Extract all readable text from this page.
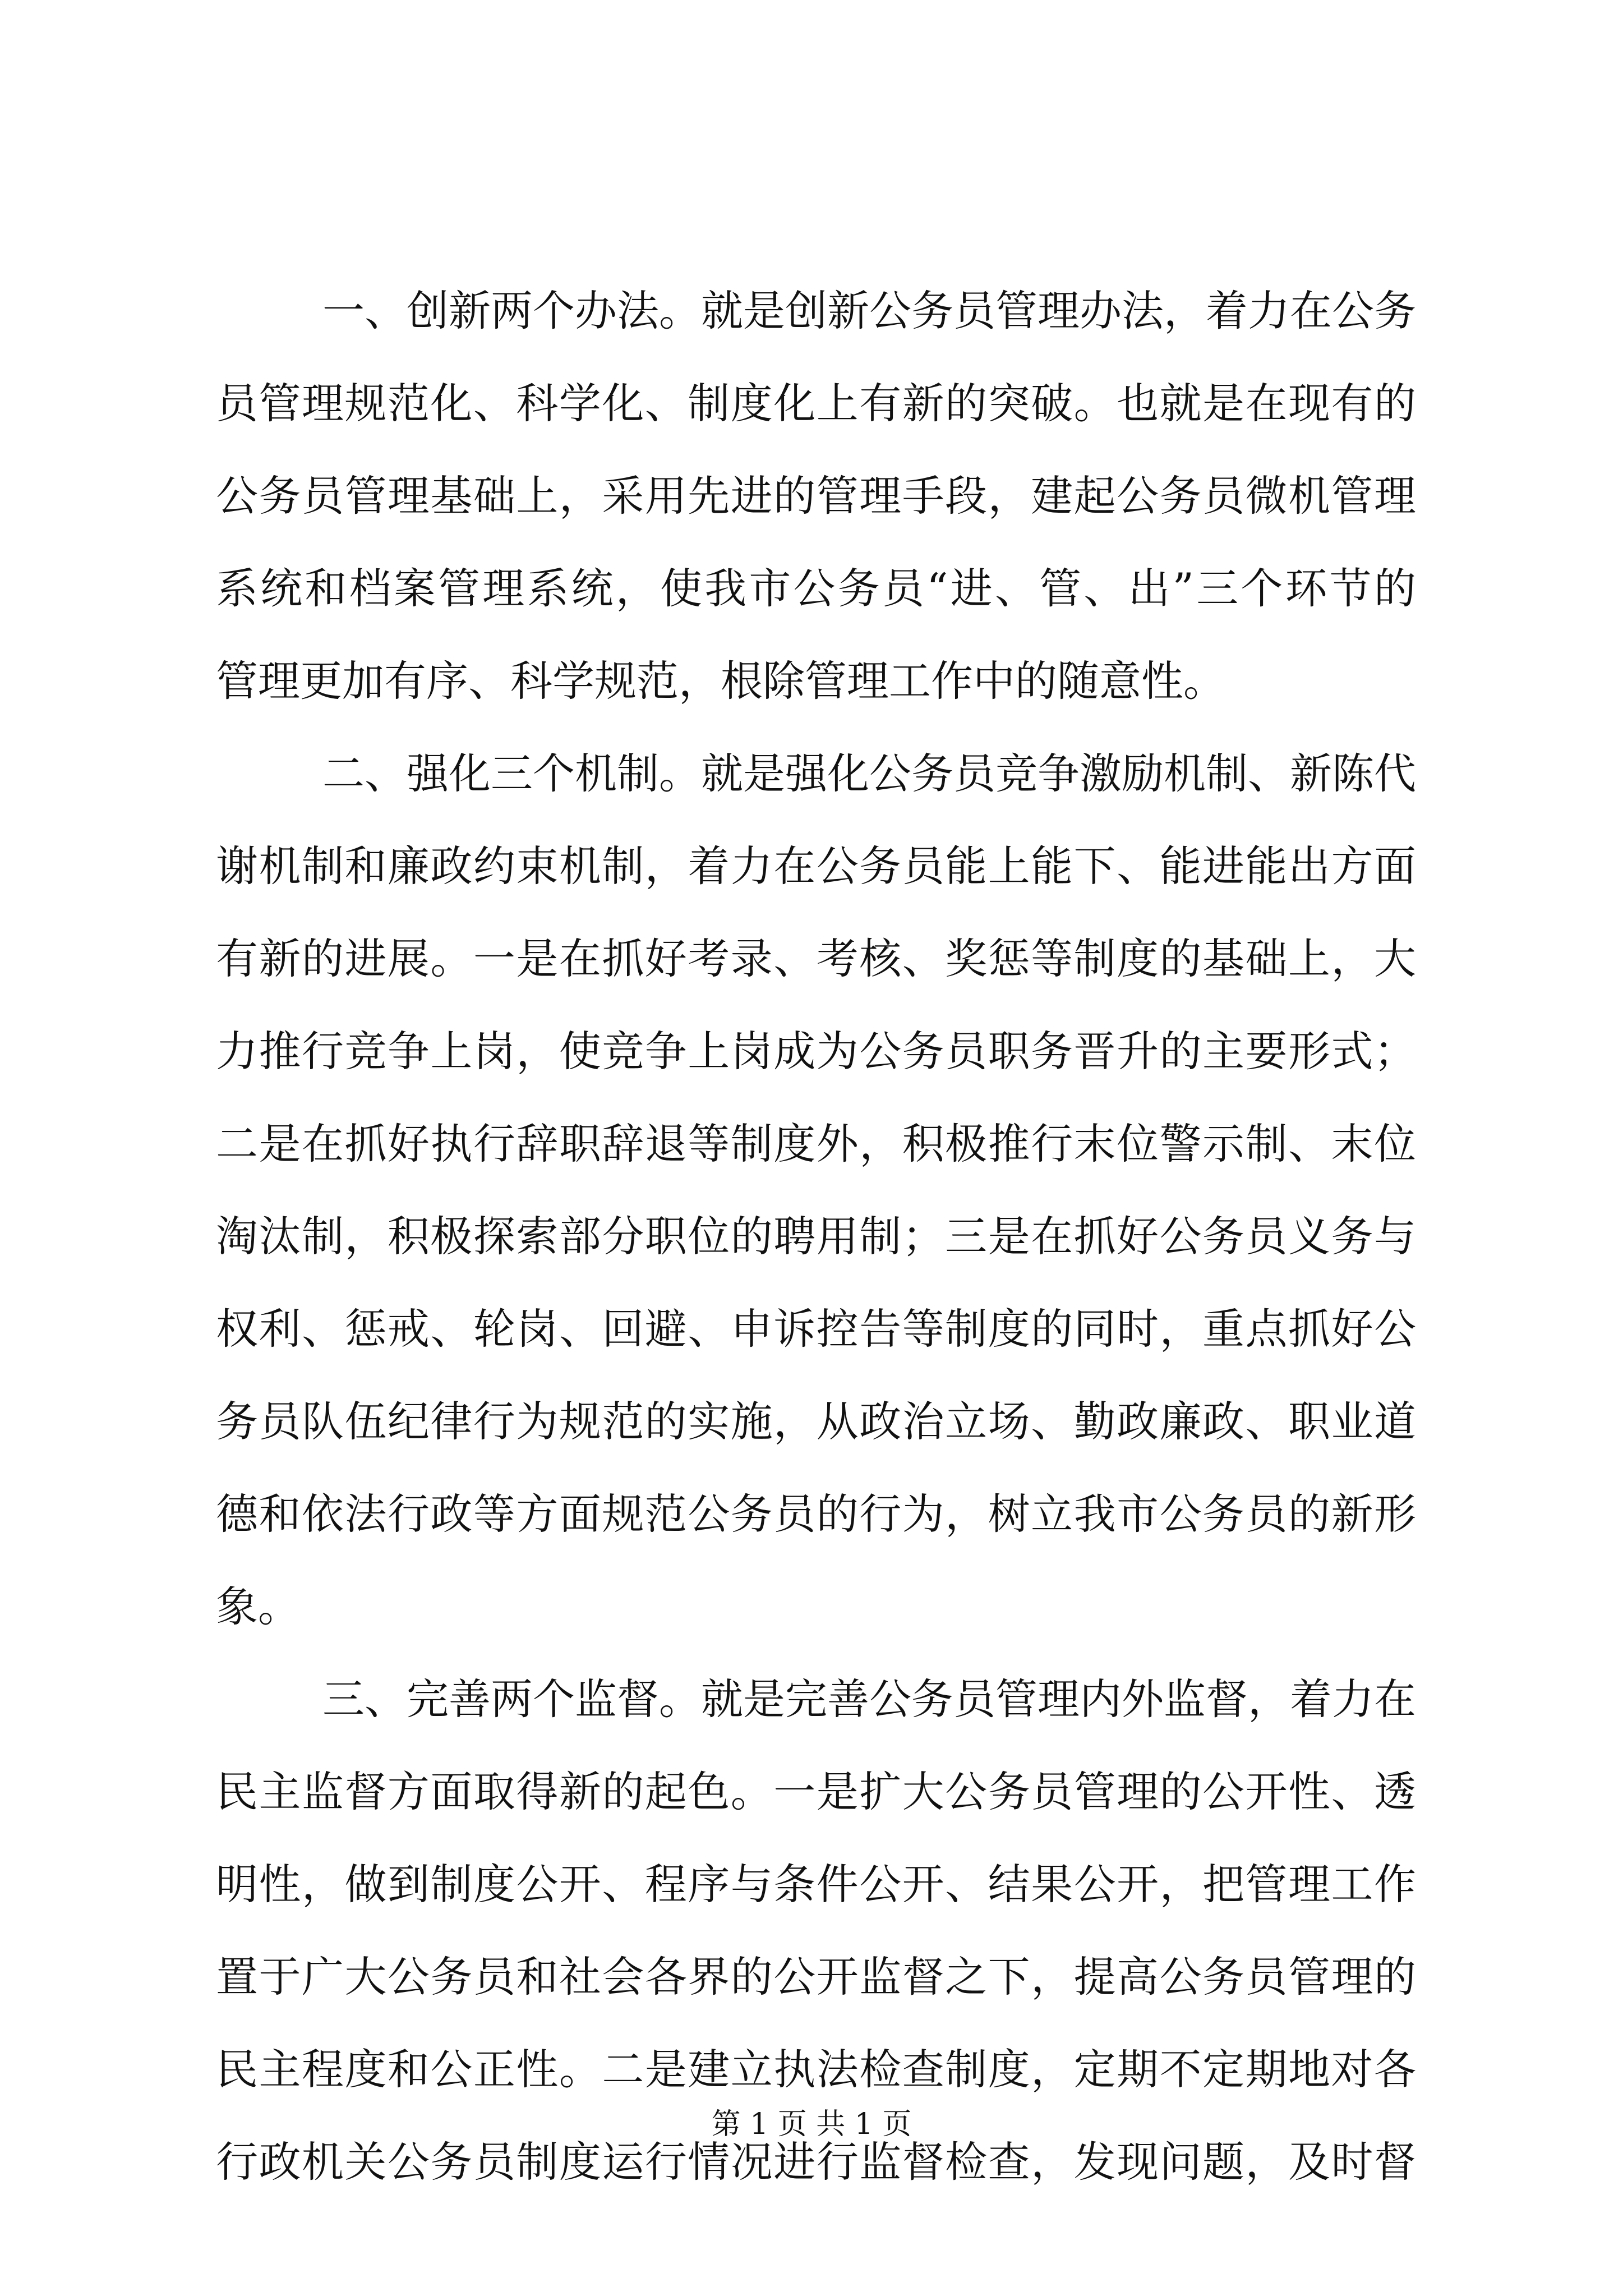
一、创新两个办法。就是创新公务员管理办法，着力在公务
员管理规范化、科学化、制度化上有新的突破。也就是在现有的
公务员管理基础上，采用先进的管理手段，建起公务员微机管理
系统和档案管理系统，使我市公务员“进、管、出”三个环节的
管理更加有序、科学规范，根除管理工作中的随意性。
二、强化三个机制。就是强化公务员竞争激励机制、新陈代
谢机制和廉政约束机制，着力在公务员能上能下、能进能出方面
有新的进展。一是在抓好考录、考核、奖惩等制度的基础上，大
力推行竞争上岗，使竞争上岗成为公务员职务晋升的主要形式；
二是在抓好执行辞职辞退等制度外，积极推行末位警示制、末位
淘汰制，积极探索部分职位的聘用制；三是在抓好公务员义务与
权利、惩戒、轮岗、回避、申诉控告等制度的同时，重点抓好公
务员队伍纪律行为规范的实施，从政治立场、勤政廉政、职业道
德和依法行政等方面规范公务员的行为，树立我市公务员的新形
象。
三、完善两个监督。就是完善公务员管理内外监督，着力在
民主监督方面取得新的起色。一是扩大公务员管理的公开性、透
明性，做到制度公开、程序与条件公开、结果公开，把管理工作
置于广大公务员和社会各界的公开监督之下，提高公务员管理的
民主程度和公正性。二是建立执法检查制度，定期不定期地对各
行政机关公务员制度运行情况进行监督检查，发现问题，及时督
第 1 页 共 1 页
